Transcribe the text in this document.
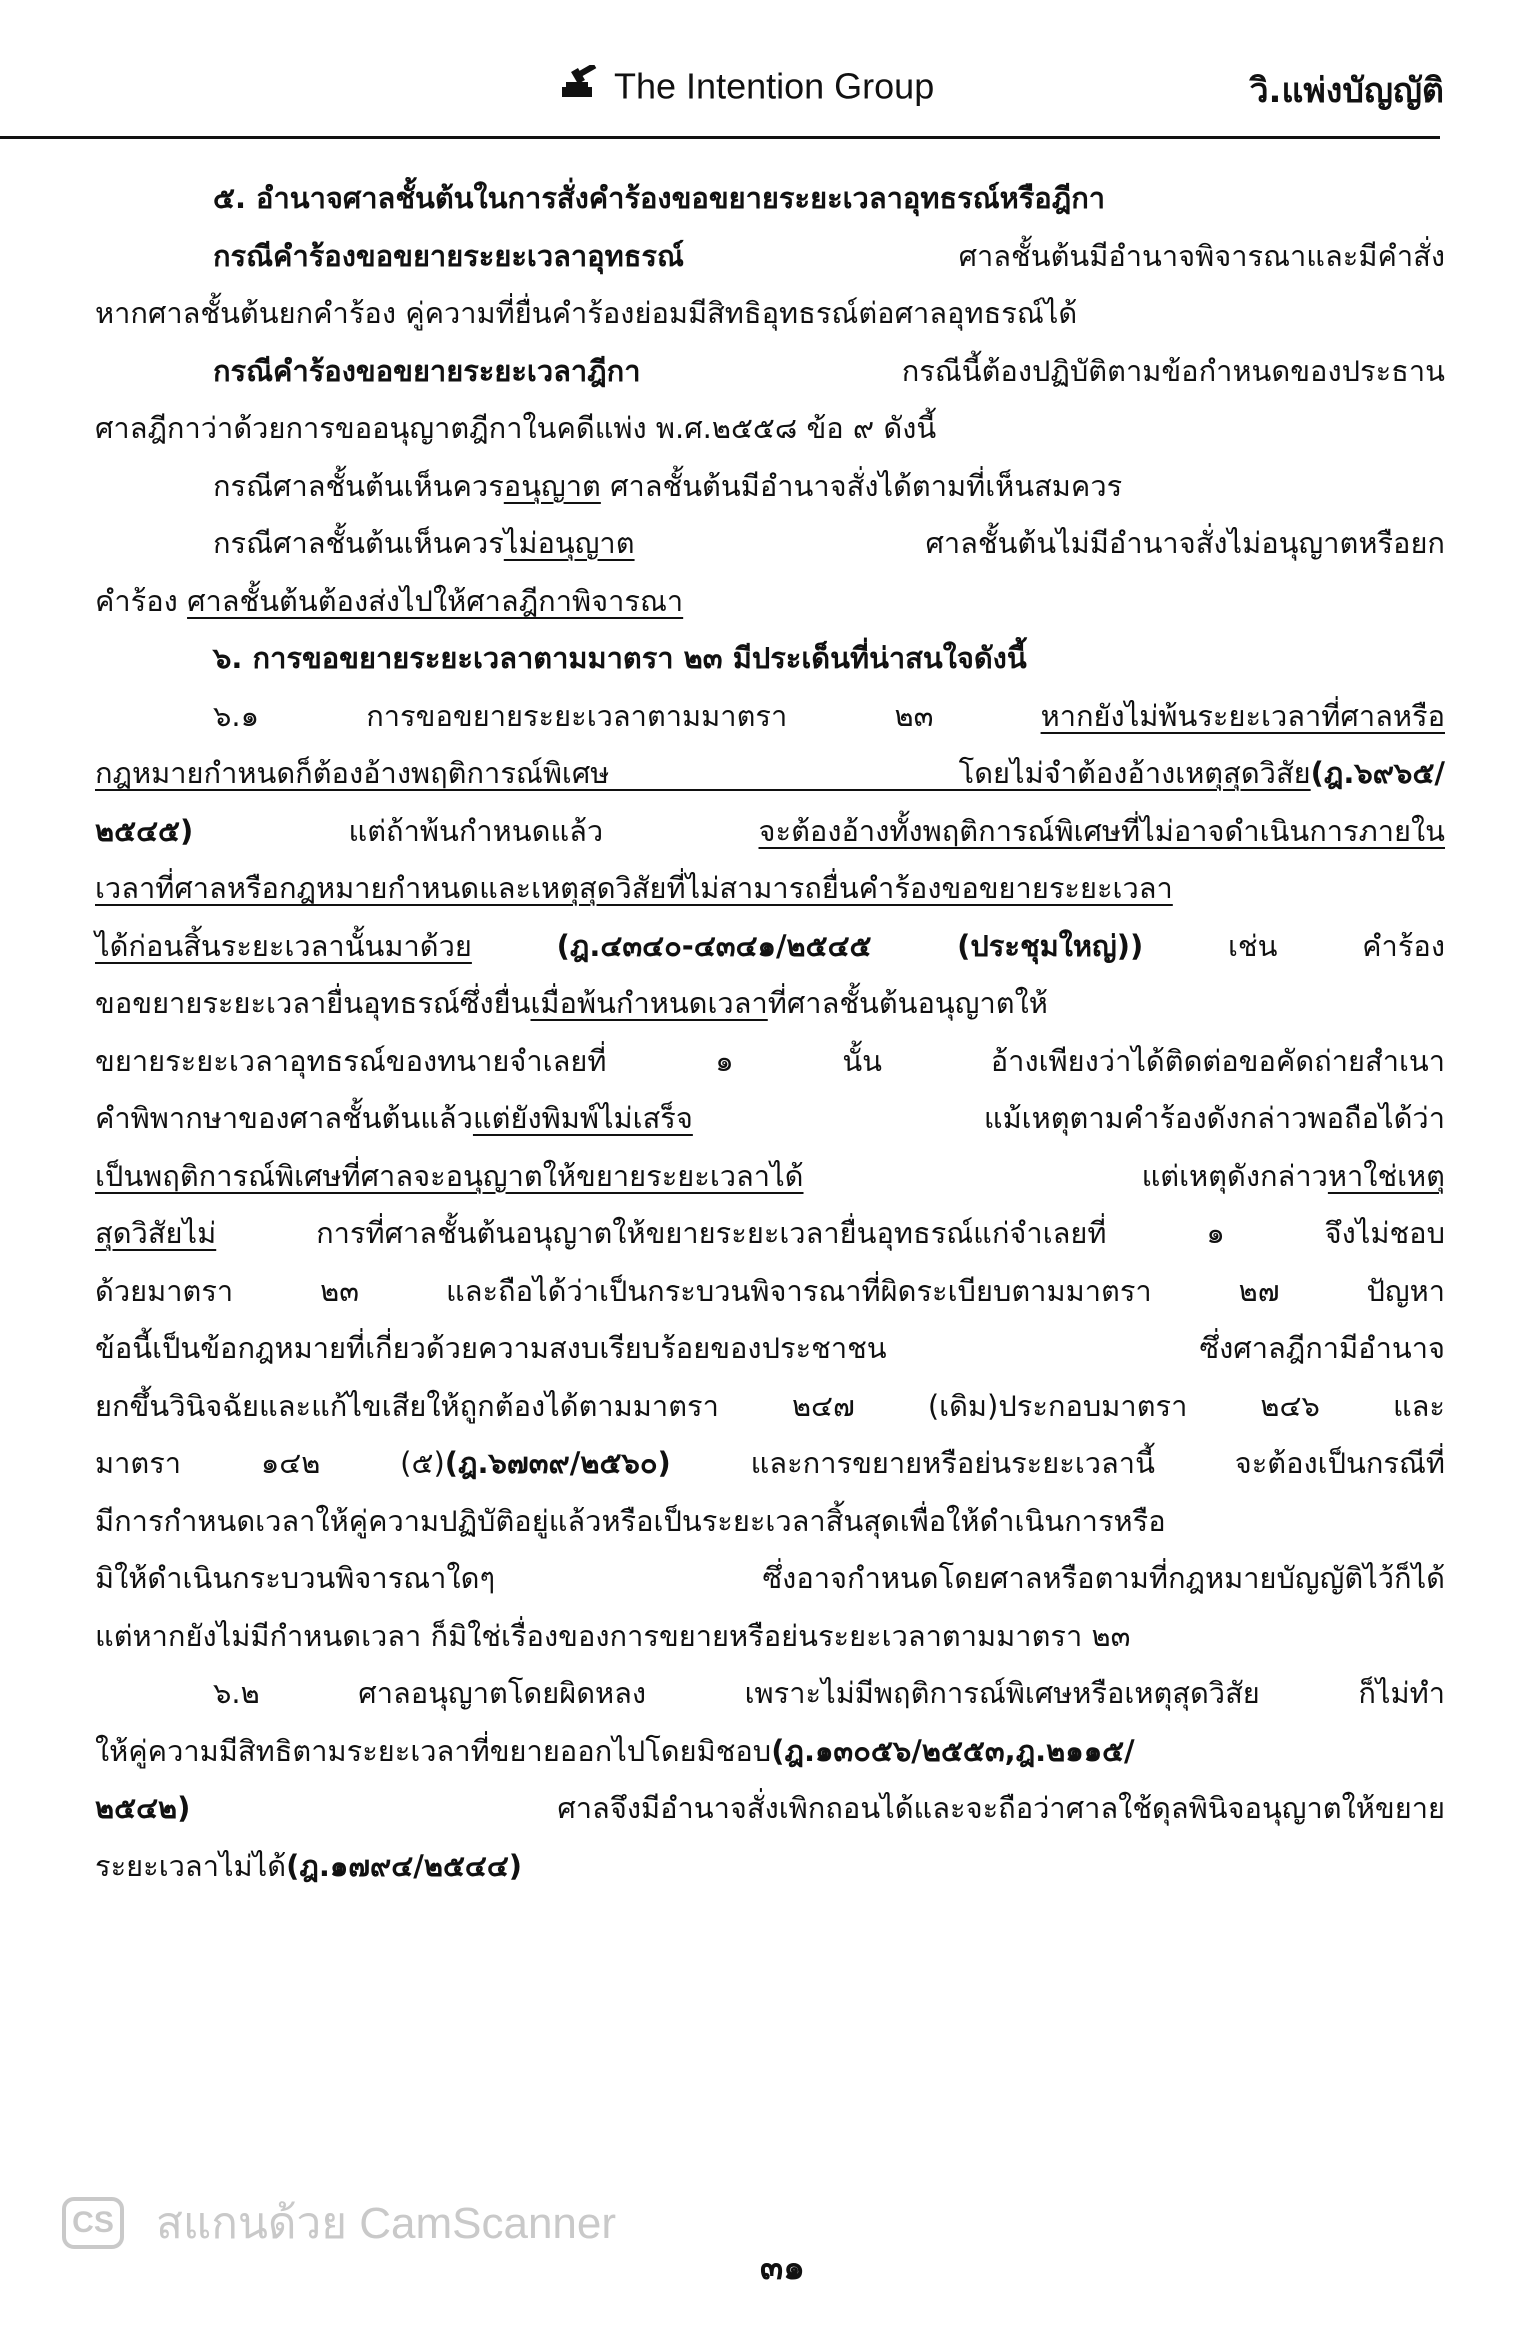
The Intention Group	วิ.แพ่งบัญญัติ
๕. อำนาจศาลชั้นต้นในการสั่งคำร้องขอขยายระยะเวลาอุทธรณ์หรือฎีกา
กรณีคำร้องขอขยายระยะเวลาอุทธรณ์ ศาลชั้นต้นมีอำนาจพิจารณาและมีคำสั่ง
หากศาลชั้นต้นยกคำร้อง คู่ความที่ยื่นคำร้องย่อมมีสิทธิอุทธรณ์ต่อศาลอุทธรณ์ได้
กรณีคำร้องขอขยายระยะเวลาฎีกา กรณีนี้ต้องปฏิบัติตามข้อกำหนดของประธาน
ศาลฎีกาว่าด้วยการขออนุญาตฎีกาในคดีแพ่ง พ.ศ.๒๕๕๘ ข้อ ๙ ดังนี้
กรณีศาลชั้นต้นเห็นควรอนุญาต ศาลชั้นต้นมีอำนาจสั่งได้ตามที่เห็นสมควร
กรณีศาลชั้นต้นเห็นควรไม่อนุญาต ศาลชั้นต้นไม่มีอำนาจสั่งไม่อนุญาตหรือยก
คำร้อง ศาลชั้นต้นต้องส่งไปให้ศาลฎีกาพิจารณา
๖. การขอขยายระยะเวลาตามมาตรา ๒๓ มีประเด็นที่น่าสนใจดังนี้
๖.๑ การขอขยายระยะเวลาตามมาตรา ๒๓ หากยังไม่พ้นระยะเวลาที่ศาลหรือ
กฎหมายกำหนดก็ต้องอ้างพฤติการณ์พิเศษ โดยไม่จำต้องอ้างเหตุสุดวิสัย(ฎ.๖๙๖๕/
๒๕๔๕) แต่ถ้าพ้นกำหนดแล้ว จะต้องอ้างทั้งพฤติการณ์พิเศษที่ไม่อาจดำเนินการภายใน
เวลาที่ศาลหรือกฎหมายกำหนดและเหตุสุดวิสัยที่ไม่สามารถยื่นคำร้องขอขยายระยะเวลา
ได้ก่อนสิ้นระยะเวลานั้นมาด้วย	(ฎ.๔๓๔๐-๔๓๔๑/๒๕๔๕ (ประชุมใหญ่)) เช่น คำร้อง
ขอขยายระยะเวลายื่นอุทธรณ์ซึ่งยื่นเมื่อพ้นกำหนดเวลาที่ศาลชั้นต้นอนุญาตให้
ขยายระยะเวลาอุทธรณ์ของทนายจำเลยที่ ๑ นั้น อ้างเพียงว่าได้ติดต่อขอคัดถ่ายสำเนา
คำพิพากษาของศาลชั้นต้นแล้วแต่ยังพิมพ์ไม่เสร็จ แม้เหตุตามคำร้องดังกล่าวพอถือได้ว่า
เป็นพฤติการณ์พิเศษที่ศาลจะอนุญาตให้ขยายระยะเวลาได้ แต่เหตุดังกล่าวหาใช่เหตุ
สุดวิสัยไม่ การที่ศาลชั้นต้นอนุญาตให้ขยายระยะเวลายื่นอุทธรณ์แก่จำเลยที่ ๑ จึงไม่ชอบ
ด้วยมาตรา ๒๓ และถือได้ว่าเป็นกระบวนพิจารณาที่ผิดระเบียบตามมาตรา ๒๗ ปัญหา
ข้อนี้เป็นข้อกฎหมายที่เกี่ยวด้วยความสงบเรียบร้อยของประชาชน ซึ่งศาลฎีกามีอำนาจ
ยกขึ้นวินิจฉัยและแก้ไขเสียให้ถูกต้องได้ตามมาตรา ๒๔๗ (เดิม)ประกอบมาตรา ๒๔๖ และ
มาตรา ๑๔๒ (๕)(ฎ.๖๗๓๙/๒๕๖๐) และการขยายหรือย่นระยะเวลานี้ จะต้องเป็นกรณีที่
มีการกำหนดเวลาให้คู่ความปฏิบัติอยู่แล้วหรือเป็นระยะเวลาสิ้นสุดเพื่อให้ดำเนินการหรือ
มิให้ดำเนินกระบวนพิจารณาใดๆ ซึ่งอาจกำหนดโดยศาลหรือตามที่กฎหมายบัญญัติไว้ก็ได้
แต่หากยังไม่มีกำหนดเวลา ก็มิใช่เรื่องของการขยายหรือย่นระยะเวลาตามมาตรา ๒๓
๖.๒ ศาลอนุญาตโดยผิดหลง เพราะไม่มีพฤติการณ์พิเศษหรือเหตุสุดวิสัย ก็ไม่ทำ
ให้คู่ความมีสิทธิตามระยะเวลาที่ขยายออกไปโดยมิชอบ(ฎ.๑๓๐๕๖/๒๕๕๓,ฎ.๒๑๑๕/
๒๕๔๒) ศาลจึงมีอำนาจสั่งเพิกถอนได้และจะถือว่าศาลใช้ดุลพินิจอนุญาตให้ขยาย
ระยะเวลาไม่ได้(ฎ.๑๗๙๔/๒๕๔๔)
CS สแกนด้วย CamScanner
๓๑
